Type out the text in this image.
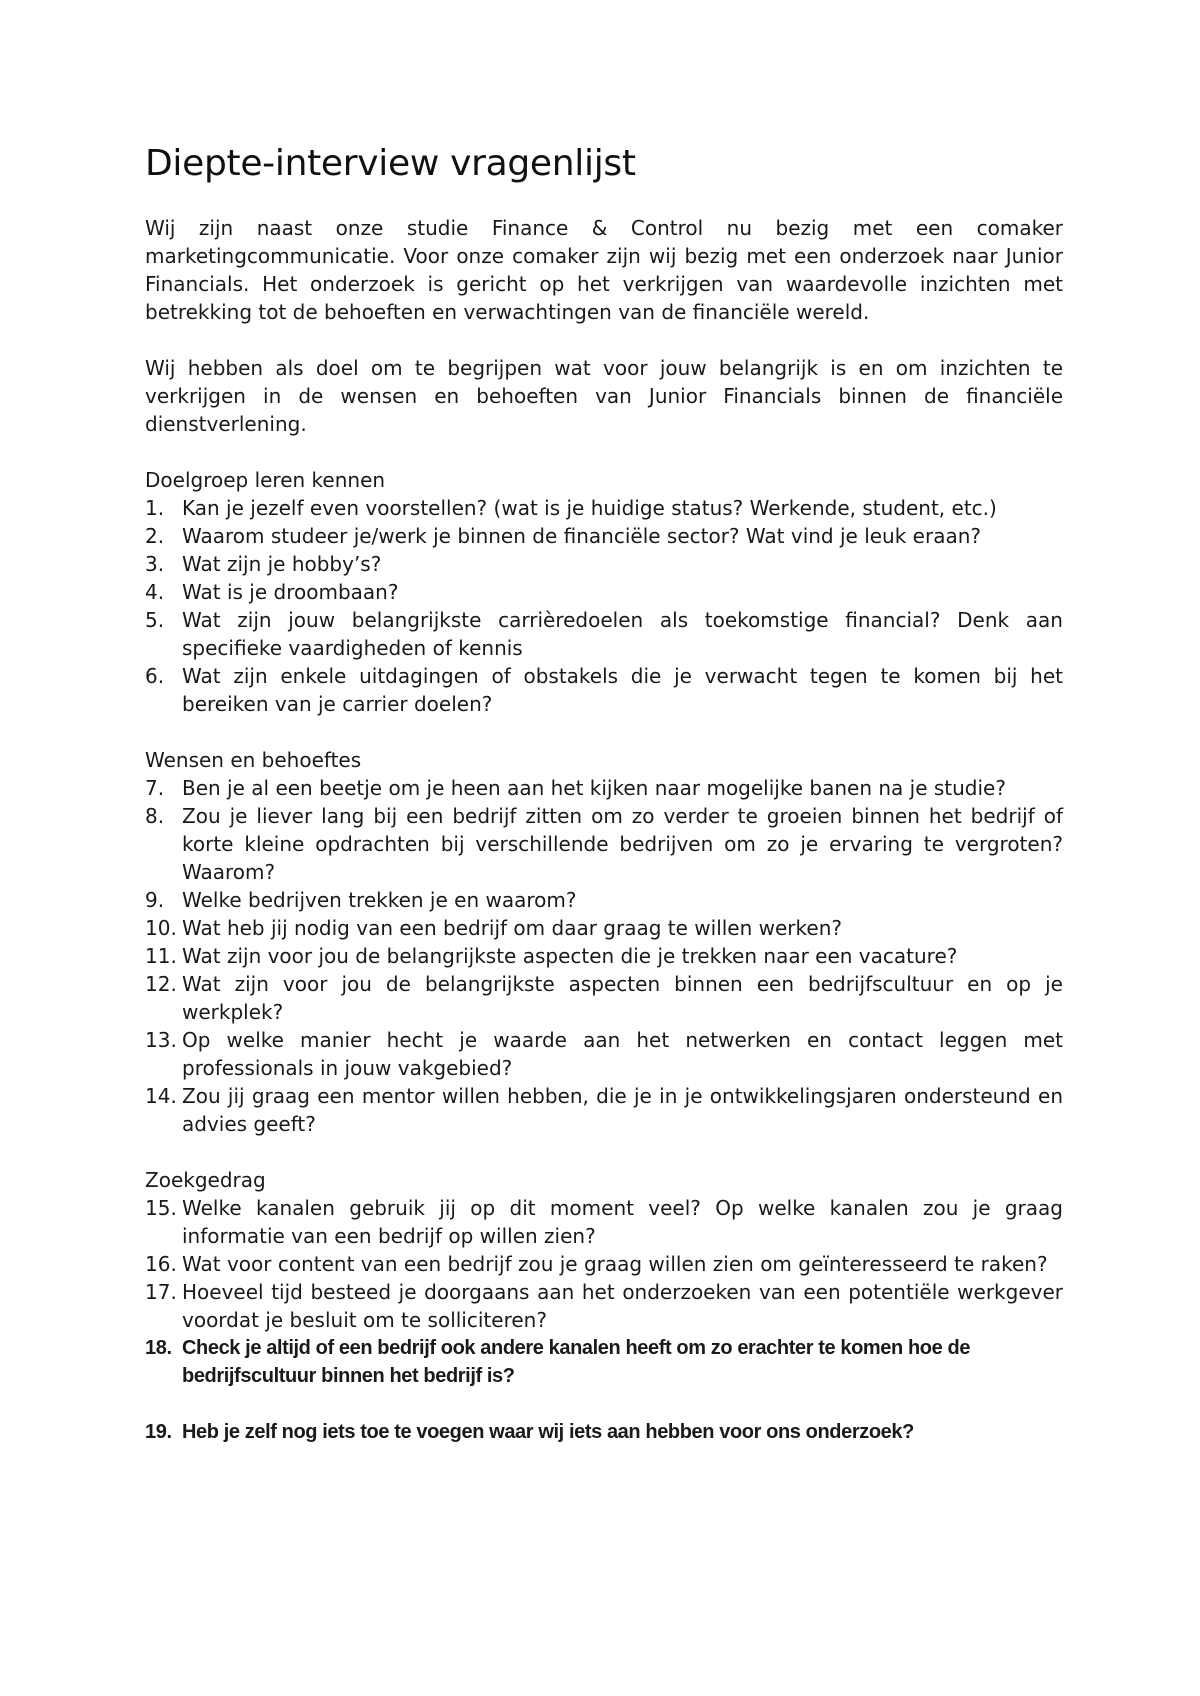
Diepte-interview vragenlijst

Wij zijn naast onze studie Finance & Control nu bezig met een comaker marketingcommunicatie. Voor onze comaker zijn wij bezig met een onderzoek naar Junior Financials. Het onderzoek is gericht op het verkrijgen van waardevolle inzichten met betrekking tot de behoeften en verwachtingen van de financiële wereld.

Wij hebben als doel om te begrijpen wat voor jouw belangrijk is en om inzichten te verkrijgen in de wensen en behoeften van Junior Financials binnen de financiële dienstverlening.

Doelgroep leren kennen
1. Kan je jezelf even voorstellen? (wat is je huidige status? Werkende, student, etc.)
2. Waarom studeer je/werk je binnen de financiële sector? Wat vind je leuk eraan?
3. Wat zijn je hobby’s?
4. Wat is je droombaan?
5. Wat zijn jouw belangrijkste carrièredoelen als toekomstige financial? Denk aan specifieke vaardigheden of kennis
6. Wat zijn enkele uitdagingen of obstakels die je verwacht tegen te komen bij het bereiken van je carrier doelen?
Wensen en behoeftes
7. Ben je al een beetje om je heen aan het kijken naar mogelijke banen na je studie?
8. Zou je liever lang bij een bedrijf zitten om zo verder te groeien binnen het bedrijf of korte kleine opdrachten bij verschillende bedrijven om zo je ervaring te vergroten? Waarom?
9. Welke bedrijven trekken je en waarom?
10. Wat heb jij nodig van een bedrijf om daar graag te willen werken?
11. Wat zijn voor jou de belangrijkste aspecten die je trekken naar een vacature?
12. Wat zijn voor jou de belangrijkste aspecten binnen een bedrijfscultuur en op je werkplek?
13. Op welke manier hecht je waarde aan het netwerken en contact leggen met professionals in jouw vakgebied?
14. Zou jij graag een mentor willen hebben, die je in je ontwikkelingsjaren ondersteund en advies geeft?
Zoekgedrag
15. Welke kanalen gebruik jij op dit moment veel? Op welke kanalen zou je graag informatie van een bedrijf op willen zien?
16. Wat voor content van een bedrijf zou je graag willen zien om geïnteresseerd te raken?
17. Hoeveel tijd besteed je doorgaans aan het onderzoeken van een potentiële werkgever voordat je besluit om te solliciteren?
18. Check je altijd of een bedrijf ook andere kanalen heeft om zo erachter te komen hoe de bedrijfscultuur binnen het bedrijf is?
19. Heb je zelf nog iets toe te voegen waar wij iets aan hebben voor ons onderzoek?
